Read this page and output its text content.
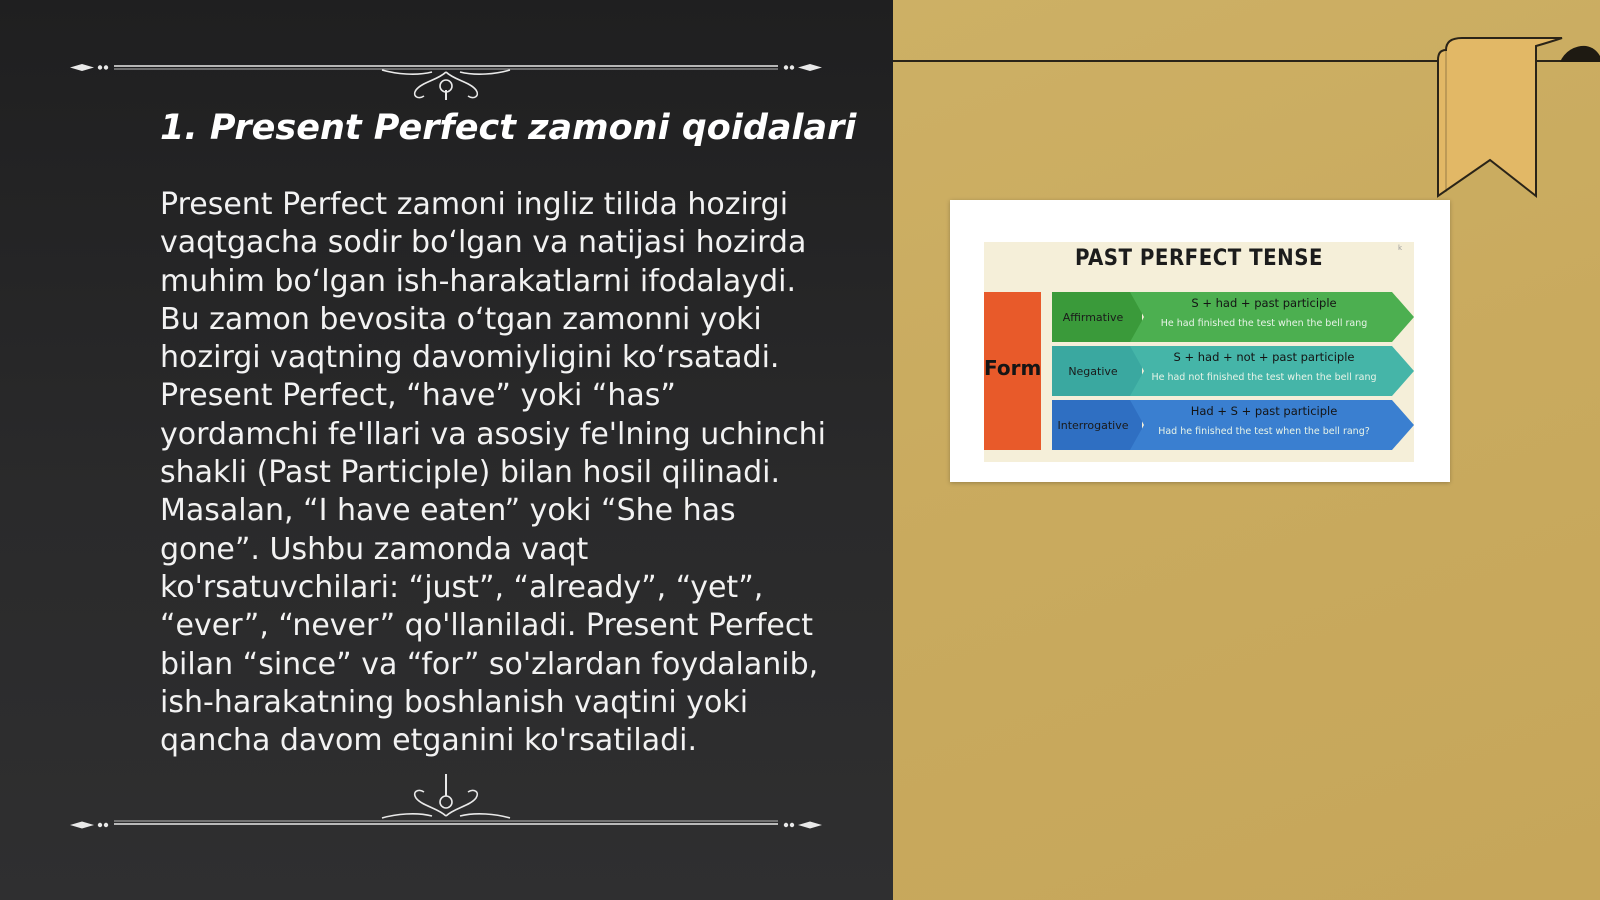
1. Present Perfect zamoni qoidalari

Present Perfect zamoni ingliz tilida hozirgi vaqtgacha sodir bo‘lgan va natijasi hozirda muhim bo‘lgan ish-harakatlarni ifodalaydi. Bu zamon bevosita o‘tgan zamonni yoki hozirgi vaqtning davomiyligini ko‘rsatadi. Present Perfect, “have” yoki “has” yordamchi fe'llari va asosiy fe'lning uchinchi shakli (Past Participle) bilan hosil qilinadi. Masalan, “I have eaten” yoki “She has gone”. Ushbu zamonda vaqt ko'rsatuvchilari: “just”, “already”, “yet”, “ever”, “never” qo'llaniladi. Present Perfect bilan “since” va “for” so'zlardan foydalanib, ish-harakatning boshlanish vaqtini yoki qancha davom etganini ko'rsatiladi.

PAST PERFECT TENSE	k
Form
Affirmative
S + had + past participle
He had finished the test when the bell rang
Negative
S + had + not + past participle
He had not finished the test when the bell rang
Interrogative
Had + S + past participle
Had he finished the test when the bell rang?
